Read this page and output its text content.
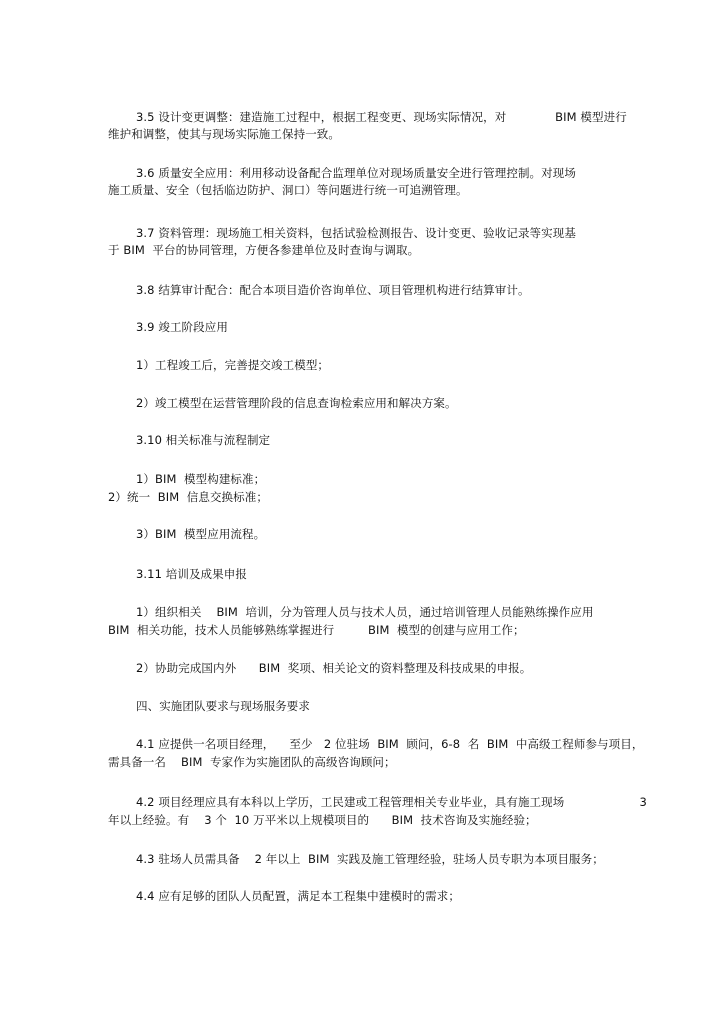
3.5 设计变更调整：建造施工过程中，根据工程变更、现场实际情况，对             BIM 模型进行
维护和调整，使其与现场实际施工保持一致。
3.6 质量安全应用：利用移动设备配合监理单位对现场质量安全进行管理控制。对现场
施工质量、安全（包括临边防护、洞口）等问题进行统一可追溯管理。
3.7 资料管理：现场施工相关资料，包括试验检测报告、设计变更、验收记录等实现基
于 BIM  平台的协同管理，方便各参建单位及时查询与调取。
3.8 结算审计配合：配合本项目造价咨询单位、项目管理机构进行结算审计。
3.9 竣工阶段应用
1）工程竣工后，完善提交竣工模型；
2）竣工模型在运营管理阶段的信息查询检索应用和解决方案。
3.10 相关标准与流程制定
1）BIM  模型构建标准；
2）统一  BIM  信息交换标准；
3）BIM  模型应用流程。
3.11 培训及成果申报
1）组织相关    BIM  培训，分为管理人员与技术人员，通过培训管理人员能熟练操作应用
BIM  相关功能，技术人员能够熟练掌握进行         BIM  模型的创建与应用工作；
2）协助完成国内外      BIM  奖项、相关论文的资料整理及科技成果的申报。
四、实施团队要求与现场服务要求
4.1 应提供一名项目经理，    至少   2 位驻场  BIM  顾问，6-8  名  BIM  中高级工程师参与项目，
需具备一名    BIM  专家作为实施团队的高级咨询顾问；
4.2 项目经理应具有本科以上学历，工民建或工程管理相关专业毕业，具有施工现场                    3
年以上经验。有    3 个  10 万平米以上规模项目的      BIM  技术咨询及实施经验；
4.3 驻场人员需具备    2 年以上  BIM  实践及施工管理经验，驻场人员专职为本项目服务；
4.4 应有足够的团队人员配置，满足本工程集中建模时的需求；
